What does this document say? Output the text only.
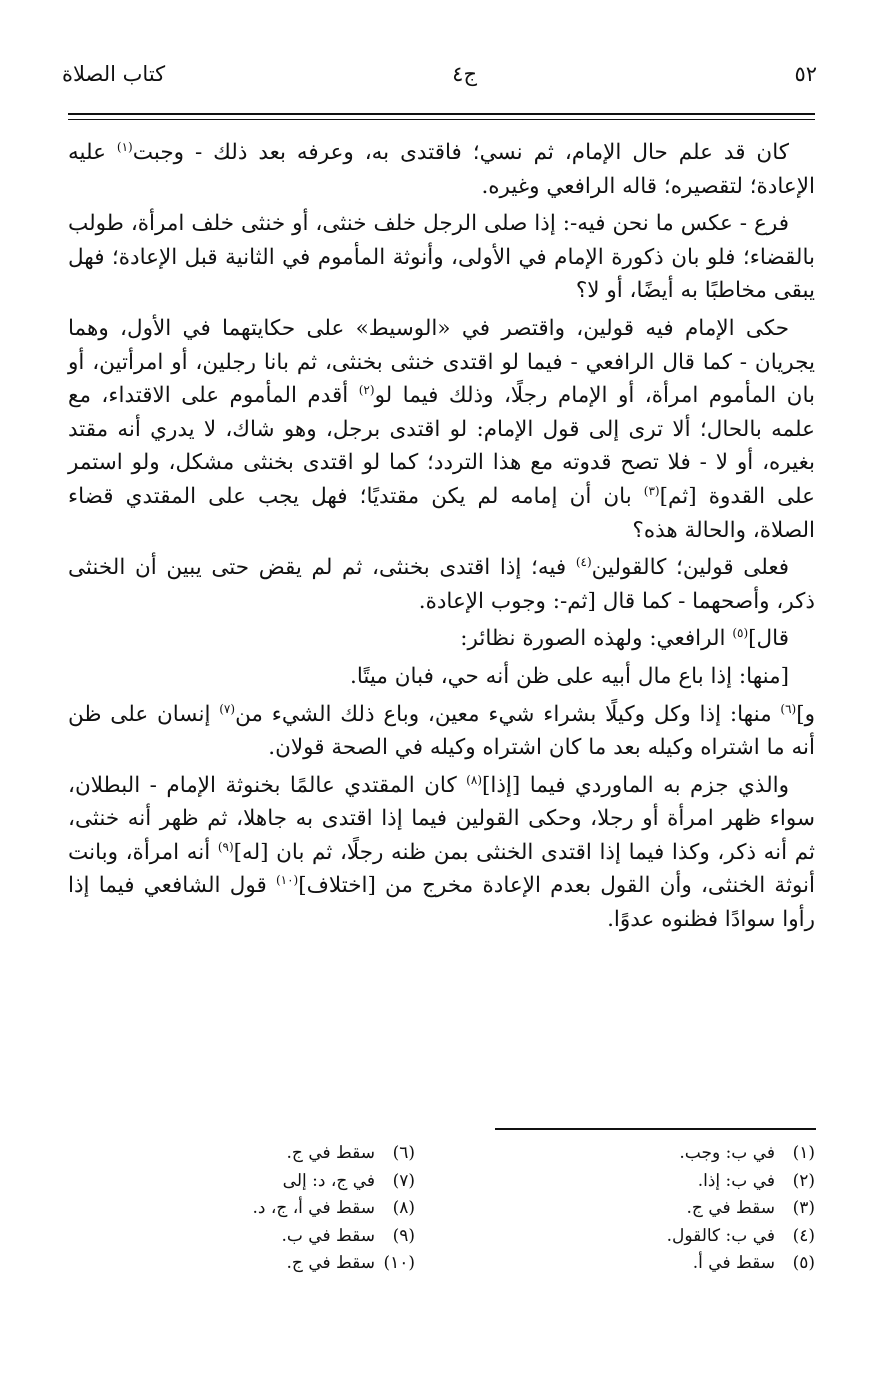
٥٢
ج٤
كتاب الصلاة

كان قد علم حال الإمام، ثم نسي؛ فاقتدى به، وعرفه بعد ذلك - وجبت$^{(١)}$ عليه الإعادة؛ لتقصيره؛ قاله الرافعي وغيره.

فرع - عكس ما نحن فيه-: إذا صلى الرجل خلف خنثى، أو خنثى خلف امرأة، طولب بالقضاء؛ فلو بان ذكورة الإمام في الأولى، وأنوثة المأموم في الثانية قبل الإعادة؛ فهل يبقى مخاطبًا به أيضًا، أو لا؟

حكى الإمام فيه قولين، واقتصر في «الوسيط» على حكايتهما في الأول، وهما يجريان - كما قال الرافعي - فيما لو اقتدى خنثى بخنثى، ثم بانا رجلين، أو امرأتين، أو بان المأموم امرأة، أو الإمام رجلًا، وذلك فيما لو$^{(٢)}$ أقدم المأموم على الاقتداء، مع علمه بالحال؛ ألا ترى إلى قول الإمام: لو اقتدى برجل، وهو شاك، لا يدري أنه مقتد بغيره، أو لا - فلا تصح قدوته مع هذا التردد؛ كما لو اقتدى بخنثى مشكل، ولو استمر على القدوة [ثم]$^{(٣)}$ بان أن إمامه لم يكن مقتديًا؛ فهل يجب على المقتدي قضاء الصلاة، والحالة هذه؟

فعلى قولين؛ كالقولين$^{(٤)}$ فيه؛ إذا اقتدى بخنثى، ثم لم يقض حتى يبين أن الخنثى ذكر، وأصحهما - كما قال [ثم-: وجوب الإعادة.

قال]$^{(٥)}$ الرافعي: ولهذه الصورة نظائر:

[منها: إذا باع مال أبيه على ظن أنه حي، فبان ميتًا.

و]$^{(٦)}$ منها: إذا وكل وكيلًا بشراء شيء معين، وباع ذلك الشيء من$^{(٧)}$ إنسان على ظن أنه ما اشتراه وكيله بعد ما كان اشتراه وكيله في الصحة قولان.

والذي جزم به الماوردي فيما [إذا]$^{(٨)}$ كان المقتدي عالمًا بخنوثة الإمام - البطلان، سواء ظهر امرأة أو رجلا، وحكى القولين فيما إذا اقتدى به جاهلا، ثم ظهر أنه خنثى، ثم أنه ذكر، وكذا فيما إذا اقتدى الخنثى بمن ظنه رجلًا، ثم بان [له]$^{(٩)}$ أنه امرأة، وبانت أنوثة الخنثى، وأن القول بعدم الإعادة مخرج من [اختلاف]$^{(١٠)}$ قول الشافعي فيما إذا رأوا سوادًا فظنوه عدوًا.

(١)في ب: وجب.
(٢)في ب: إذا.
(٣)سقط في ج.
(٤)في ب: كالقول.
(٥)سقط في أ.
(٦)سقط في ج.
(٧)في ج، د: إلى
(٨)سقط في أ، ج، د.
(٩)سقط في ب.
(١٠)سقط في ج.
